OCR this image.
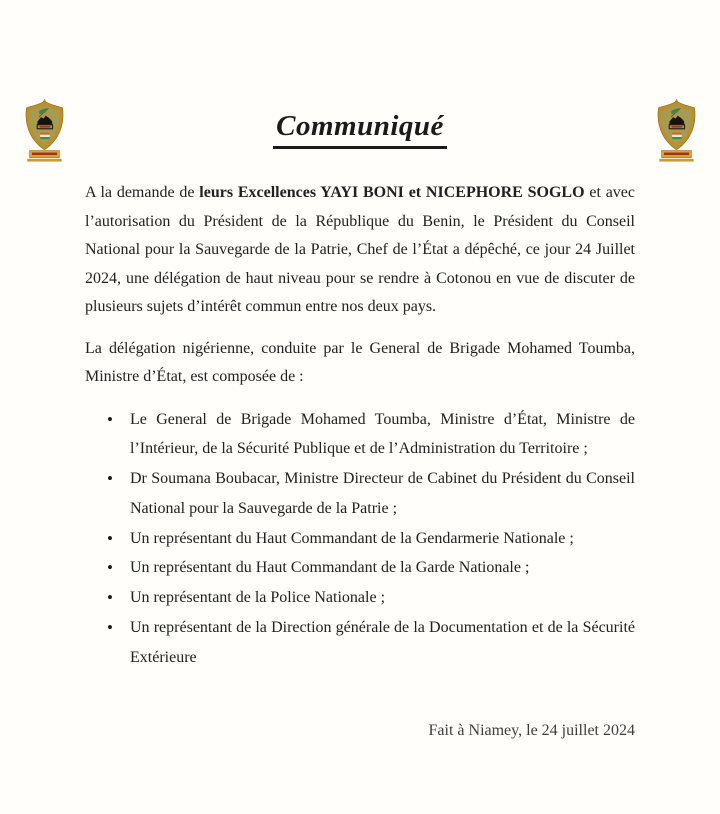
Communiqué

A la demande de leurs Excellences YAYI BONI et NICEPHORE SOGLO et avec l’autorisation du Président de la République du Benin, le Président du Conseil National pour la Sauvegarde de la Patrie, Chef de l’État a dépêché, ce jour 24 Juillet 2024, une délégation de haut niveau pour se rendre à Cotonou en vue de discuter de plusieurs sujets d’intérêt commun entre nos deux pays.

La délégation nigérienne, conduite par le General de Brigade Mohamed Toumba, Ministre d’État, est composée de :

• Le General de Brigade Mohamed Toumba, Ministre d’État, Ministre de l’Intérieur, de la Sécurité Publique et de l’Administration du Territoire ;
• Dr Soumana Boubacar, Ministre Directeur de Cabinet du Président du Conseil National pour la Sauvegarde de la Patrie ;
• Un représentant du Haut Commandant de la Gendarmerie Nationale ;
• Un représentant du Haut Commandant de la Garde Nationale ;
• Un représentant de la Police Nationale ;
• Un représentant de la Direction générale de la Documentation et de la Sécurité Extérieure

Fait à Niamey, le 24 juillet 2024
